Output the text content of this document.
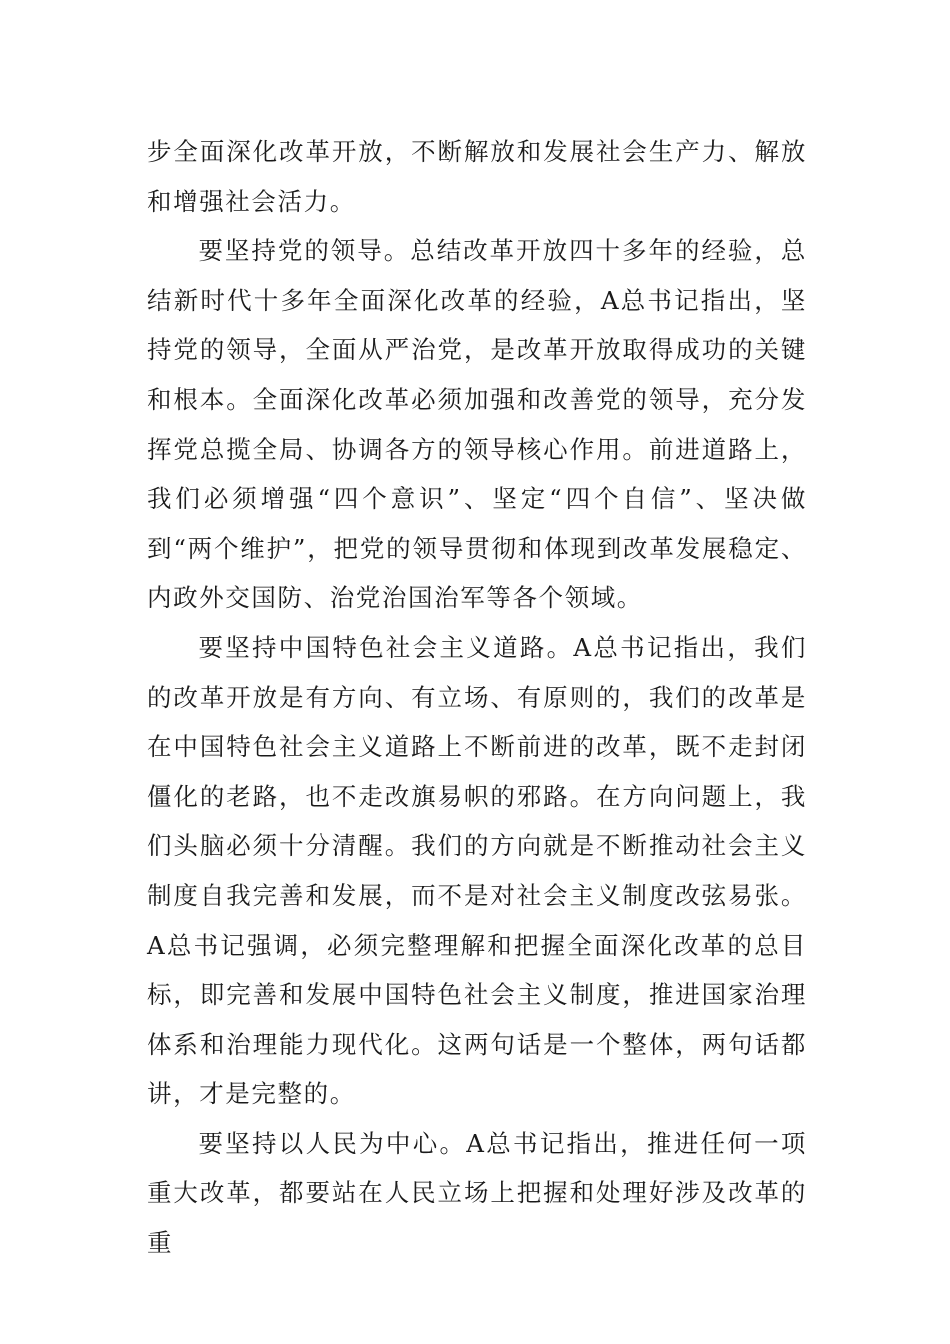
步全面深化改革开放，不断解放和发展社会生产力、解放和增强社会活力。

要坚持党的领导。总结改革开放四十多年的经验，总结新时代十多年全面深化改革的经验，A总书记指出，坚持党的领导，全面从严治党，是改革开放取得成功的关键和根本。全面深化改革必须加强和改善党的领导，充分发挥党总揽全局、协调各方的领导核心作用。前进道路上，我们必须增强“四个意识”、坚定“四个自信”、坚决做到“两个维护”，把党的领导贯彻和体现到改革发展稳定、内政外交国防、治党治国治军等各个领域。

要坚持中国特色社会主义道路。A总书记指出，我们的改革开放是有方向、有立场、有原则的，我们的改革是在中国特色社会主义道路上不断前进的改革，既不走封闭僵化的老路，也不走改旗易帜的邪路。在方向问题上，我们头脑必须十分清醒。我们的方向就是不断推动社会主义制度自我完善和发展，而不是对社会主义制度改弦易张。A总书记强调，必须完整理解和把握全面深化改革的总目标，即完善和发展中国特色社会主义制度，推进国家治理体系和治理能力现代化。这两句话是一个整体，两句话都讲，才是完整的。

要坚持以人民为中心。A总书记指出，推进任何一项重大改革，都要站在人民立场上把握和处理好涉及改革的重
